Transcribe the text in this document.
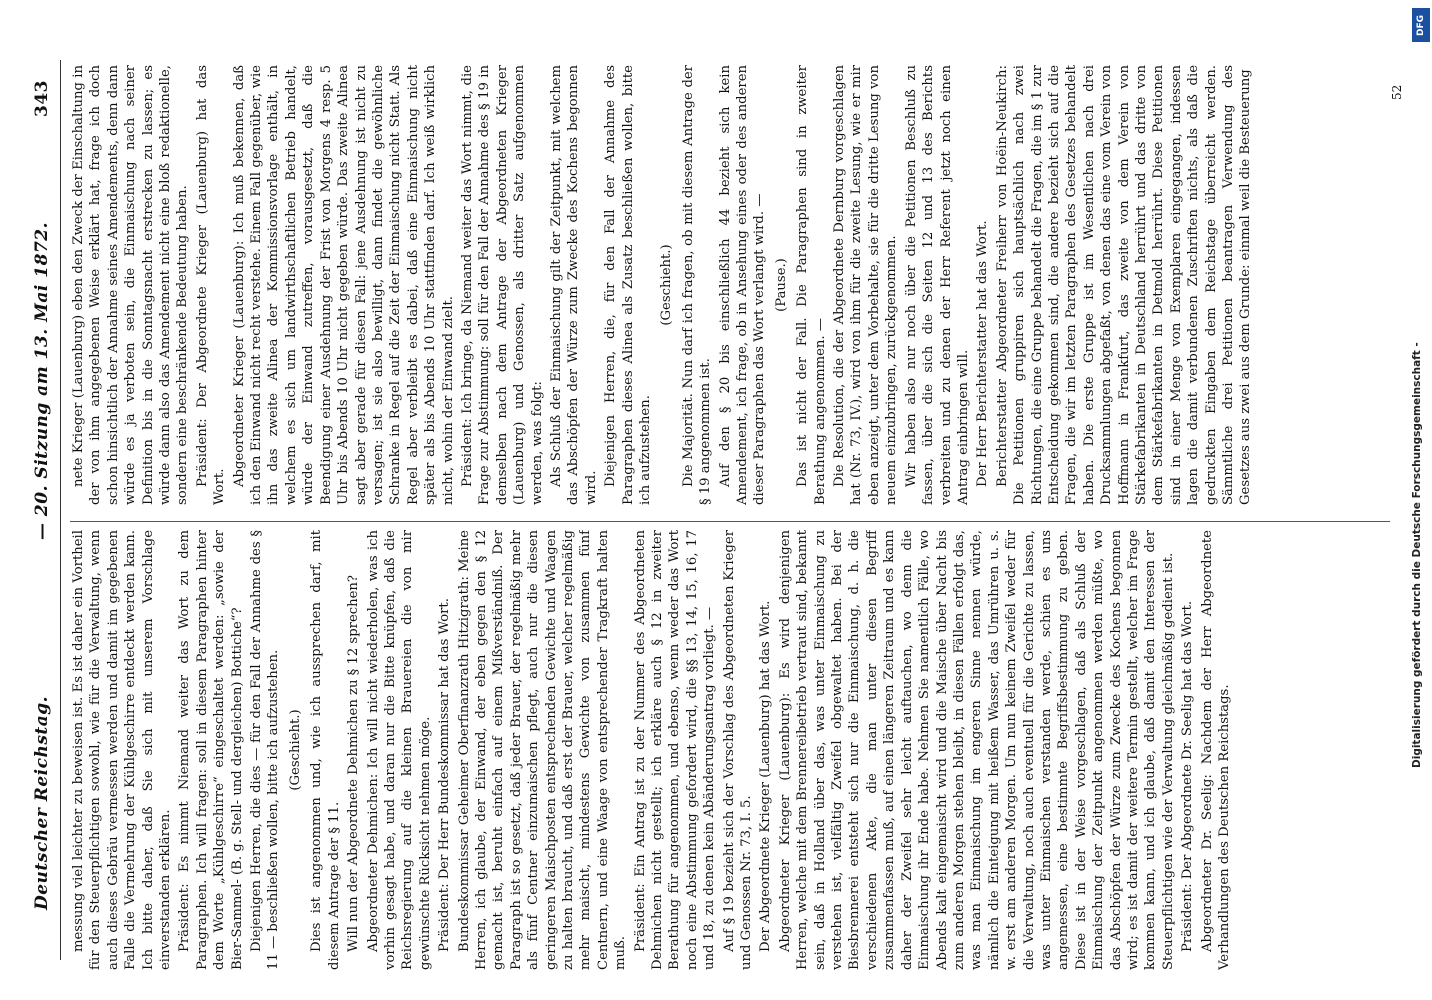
Deutscher Reichstag.
— 20. Sitzung am 13. Mai 1872.
343

messung viel leichter zu beweisen ist. Es ist daher ein Vortheil für den Steuerpflichtigen sowohl, wie für die Verwaltung, wenn auch dieses Gebräu vermessen werden und damit im gegebenen Falle die Vermehrung der Kühlgeschirre entdeckt werden kann. Ich bitte daher, daß Sie sich mit unserem Vorschlage einverstanden erklären. Präsident: Es nimmt Niemand weiter das Wort zu dem Paragraphen. Ich will fragen: soll in diesem Paragraphen hinter dem Worte „Kühlgeschirre“ eingeschaltet werden: „sowie der Bier-Sammel- (B. g. Stell- und dergleichen) Bottiche“? Diejenigen Herren, die dies — für den Fall der Annahme des § 11 — beschließen wollen, bitte ich aufzustehen. (Geschieht.) Dies ist angenommen und, wie ich aussprechen darf, mit diesem Antrage der § 11. Will nun der Abgeordnete Dehmichen zu § 12 sprechen? Abgeordneter Dehmichen: Ich will nicht wiederholen, was ich vorhin gesagt habe, und daran nur die Bitte knüpfen, daß die Reichsregierung auf die kleinen Brauereien die von mir gewünschte Rücksicht nehmen möge. Präsident: Der Herr Bundeskommissar hat das Wort. Bundeskommissar Geheimer Oberfinanzrath Hitzigrath: Meine Herren, ich glaube, der Einwand, der eben gegen den § 12 gemacht ist, beruht einfach auf einem Mißverständniß. Der Paragraph ist so gesetzt, daß jeder Brauer, der regelmäßig mehr als fünf Centner einzumaischen pflegt, auch nur die diesen geringeren Maischposten entsprechenden Gewichte und Waagen zu halten braucht, und daß erst der Brauer, welcher regelmäßig mehr maischt, mindestens Gewichte von zusammen fünf Centnern, und eine Waage von entsprechender Tragkraft halten muß.

Präsident: Ein Antrag ist zu der Nummer des Abgeordneten Dehmichen nicht gestellt; ich erkläre auch § 12 in zweiter Berathung für angenommen, und ebenso, wenn weder das Wort noch eine Abstimmung gefordert wird, die §§ 13, 14, 15, 16, 17 und 18, zu denen kein Abänderungsantrag vorliegt. — Auf § 19 bezieht sich der Vorschlag des Abgeordneten Krieger und Genossen Nr. 73, I. 5. Der Abgeordnete Krieger (Lauenburg) hat das Wort. Abgeordneter Krieger (Lauenburg): Es wird denjenigen Herren, welche mit dem Brennereibetrieb vertraut sind, bekannt sein, daß in Holland über das, was unter Einmaischung zu verstehen ist, vielfältig Zweifel obgewaltet haben. Bei der Biesbrennerei entsteht sich nur die Einmaischung, d. h. die verschiedenen Akte, die man unter diesen Begriff zusammenfassen muß, auf einen längeren Zeitraum und es kann daher der Zweifel sehr leicht auftauchen, wo denn die Einmaischung ihr Ende habe. Nehmen Sie namentlich Fälle, wo Abends kalt eingemaischt wird und die Maische über Nacht bis zum anderen Morgen stehen bleibt, in diesen Fällen erfolgt das, was man Einmaischung im engeren Sinne nennen würde, nämlich die Einteigung mit heißem Wasser, das Umrühren u. s. w. erst am anderen Morgen. Um nun keinem Zweifel weder für die Verwaltung, noch auch eventuell für die Gerichte zu lassen, was unter Einmaischen verstanden werde, schien es uns angemessen, eine bestimmte Begriffsbestimmung zu geben. Diese ist in der Weise vorgeschlagen, daß als Schluß der Einmaischung der Zeitpunkt angenommen werden müßte, wo das Abschöpfen der Würze zum Zwecke des Kochens begonnen wird; es ist damit der weitere Termin gestellt, welcher im Frage kommen kann, und ich glaube, daß damit den Interessen der Steuerpflichtigen wie der Verwaltung gleichmäßig gedient ist. Präsident: Der Abgeordnete Dr. Seelig hat das Wort. Abgeordneter Dr. Seelig: Nachdem der Herr Abgeordnete Verhandlungen des Deutschen Reichstags.

nete Krieger (Lauenburg) eben den Zweck der Einschaltung in der von ihm angegebenen Weise erklärt hat, frage ich doch schon hinsichtlich der Annahme seines Amendements, denn dann würde es ja verboten sein, die Einmaischung nach seiner Definition bis in die Sonntagsnacht erstrecken zu lassen; es würde dann also das Amendement nicht eine bloß redaktionelle, sondern eine beschränkende Bedeutung haben. Präsident: Der Abgeordnete Krieger (Lauenburg) hat das Wort. Abgeordneter Krieger (Lauenburg): Ich muß bekennen, daß ich den Einwand nicht recht verstehe. Einem Fall gegenüber, wie ihn das zweite Alinea der Kommissionsvorlage enthält, in welchem es sich um landwirthschaftlichen Betrieb handelt, würde der Einwand zutreffen, vorausgesetzt, daß die Beendigung einer Ausdehnung der Frist von Morgens 4 resp. 5 Uhr bis Abends 10 Uhr nicht gegeben würde. Das zweite Alinea sagt aber gerade für diesen Fall: jene Ausdehnung ist nicht zu versagen; ist sie also bewilligt, dann findet die gewöhnliche Schranke in Regel auf die Zeit der Einmaischung nicht Statt. Als Regel aber verbleibt es dabei, daß eine Einmaischung nicht später als bis Abends 10 Uhr stattfinden darf. Ich weiß wirklich nicht, wohin der Einwand zielt. Präsident: Ich bringe, da Niemand weiter das Wort nimmt, die Frage zur Abstimmung: soll für den Fall der Annahme des § 19 in demselben nach dem Antrage der Abgeordneten Krieger (Lauenburg) und Genossen, als dritter Satz aufgenommen werden, was folgt: Als Schluß der Einmaischung gilt der Zeitpunkt, mit welchem das Abschöpfen der Würze zum Zwecke des Kochens begonnen wird.

Diejenigen Herren, die, für den Fall der Annahme des Paragraphen dieses Alinea als Zusatz beschließen wollen, bitte ich aufzustehen.

(Geschieht.) Die Majorität. Nun darf ich fragen, ob mit diesem Antrage der § 19 angenommen ist. Auf den § 20 bis einschließlich 44 bezieht sich kein Amendement, ich frage, ob in Ansehung eines oder des anderen dieser Paragraphen das Wort verlangt wird. — (Pause.) Das ist nicht der Fall. Die Paragraphen sind in zweiter Berathung angenommen. — Die Resolution, die der Abgeordnete Dernburg vorgeschlagen hat (Nr. 73, IV.), wird von ihm für die zweite Lesung, wie er mir eben anzeigt, unter dem Vorbehalte, sie für die dritte Lesung von neuem einzubringen, zurückgenommen. Wir haben also nur noch über die Petitionen Beschluß zu fassen, über die sich die Seiten 12 und 13 des Berichts verbreiten und zu denen der Herr Referent jetzt noch einen Antrag einbringen will. Der Herr Berichterstatter hat das Wort. Berichterstatter Abgeordneter Freiherr von Hoëin-Neukirch: Die Petitionen gruppiren sich hauptsächlich nach zwei Richtungen, die eine Gruppe behandelt die Fragen, die im § 1 zur Entscheidung gekommen sind, die andere bezieht sich auf die Fragen, die wir im letzten Paragraphen des Gesetzes behandelt haben. Die erste Gruppe ist im Wesentlichen nach drei Drucksammlungen abgefaßt, von denen das eine vom Verein von Hoffmann in Frankfurt, das zweite von dem Verein von Stärkefabrikanten in Deutschland herrührt und das dritte von dem Stärkefabrikanten in Detmold herrührt. Diese Petitionen sind in einer Menge von Exemplaren eingegangen, indessen lagen die damit verbundenen Zuschriften nichts, als daß die gedruckten Eingaben dem Reichstage überreicht werden. Sämmtliche drei Petitionen beantragen Verwendung des Gesetzes aus zwei aus dem Grunde: einmal weil die Besteuerung	52
DFG
Digitalisierung gefördert durch die Deutsche Forschungsgemeinschaft -
